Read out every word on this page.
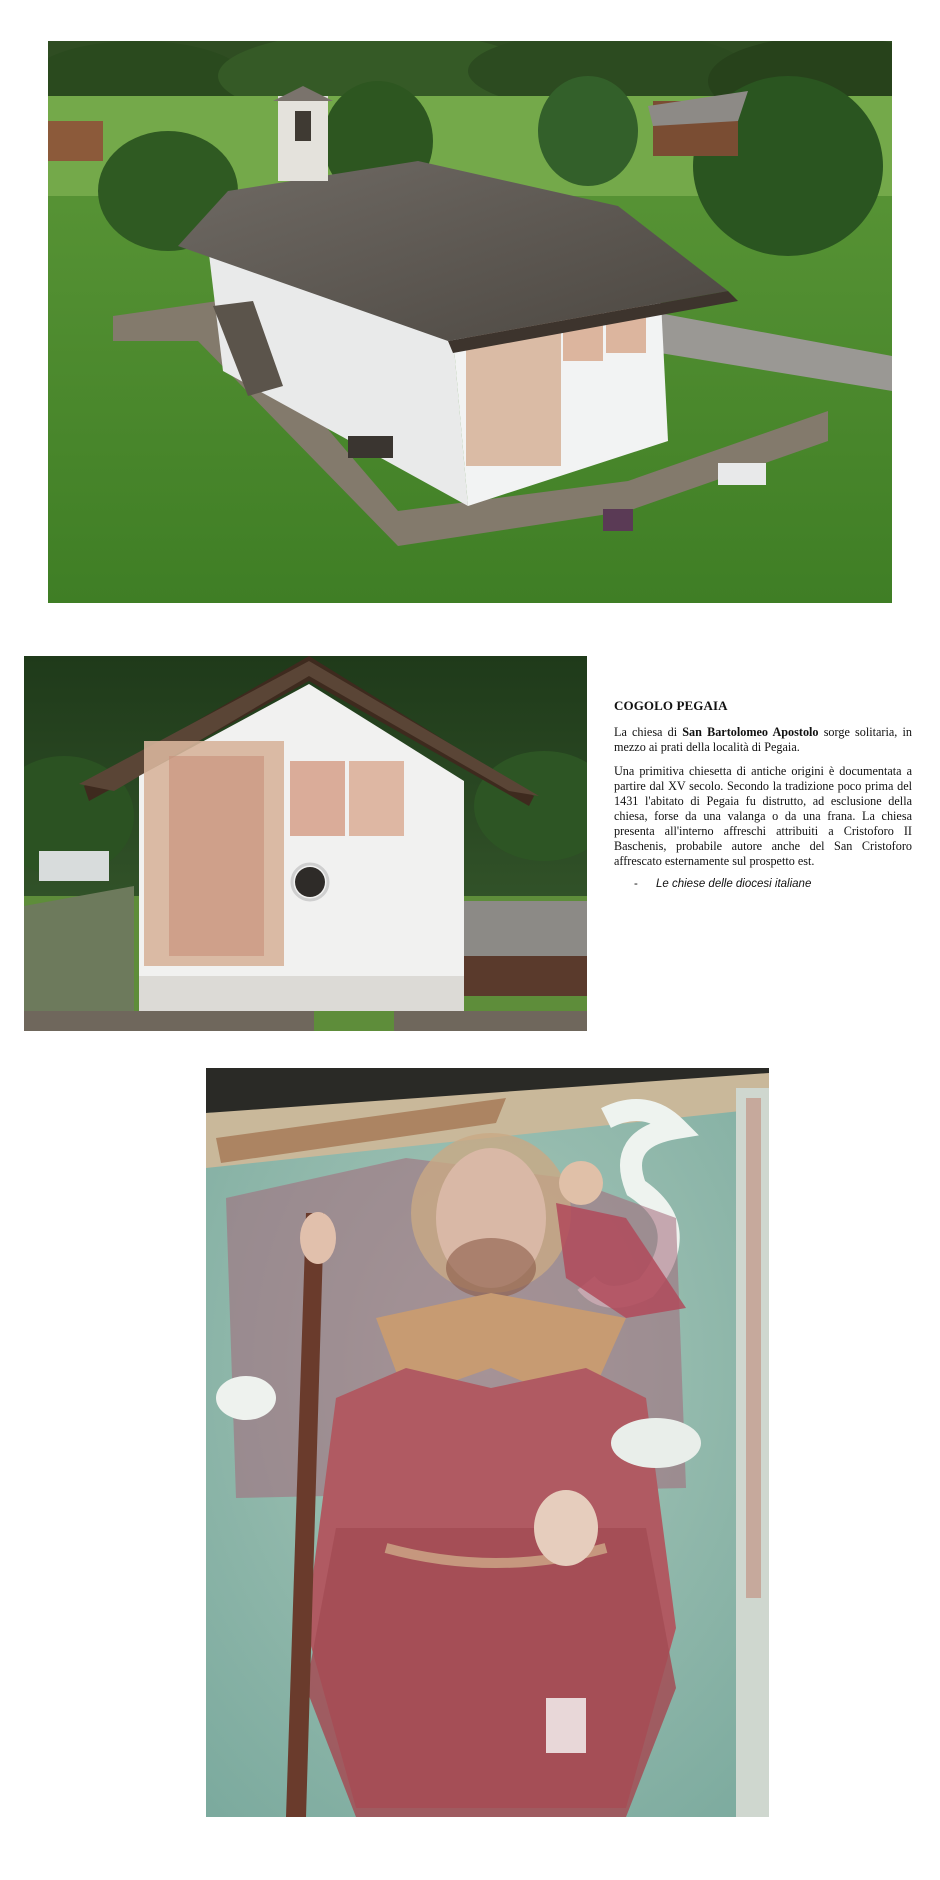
COGOLO PEGAIA

La chiesa di San Bartolomeo Apostolo sorge solitaria, in mezzo ai prati della località di Pegaia.

Una primitiva chiesetta di antiche origini è documentata a partire dal XV secolo. Secondo la tradizione poco prima del 1431 l'abitato di Pegaia fu distrutto, ad esclusione della chiesa, forse da una valanga o da una frana. La chiesa presenta all'interno affreschi attribuiti a Cristoforo II Baschenis, probabile autore anche del San Cristoforo affrescato esternamente sul prospetto est.

-	Le chiese delle diocesi italiane
